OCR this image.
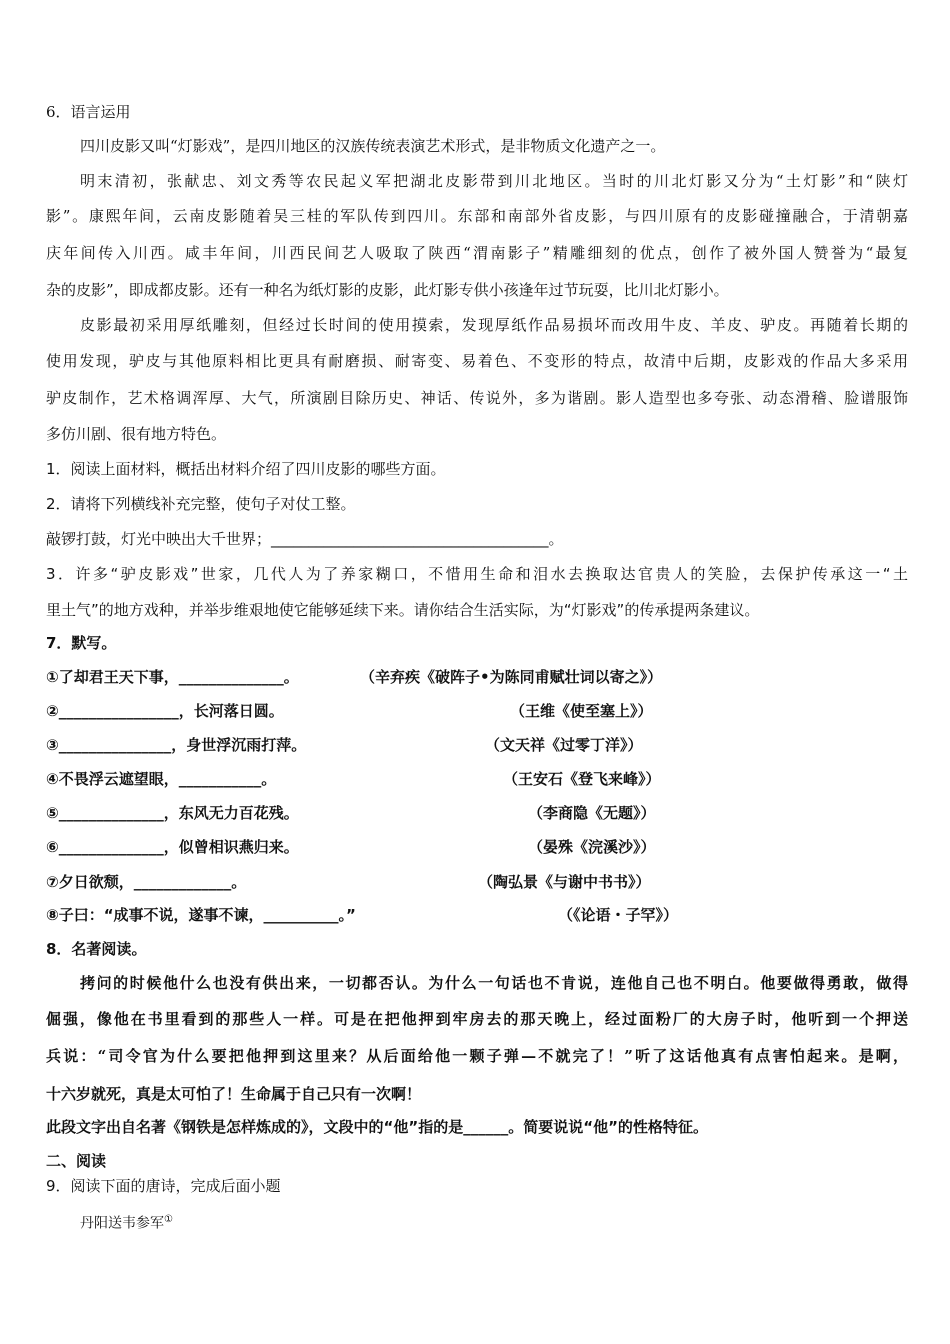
6．语言运用
四川皮影又叫“灯影戏”，是四川地区的汉族传统表演艺术形式，是非物质文化遗产之一。
明末清初，张献忠、刘文秀等农民起义军把湖北皮影带到川北地区。当时的川北灯影又分为“土灯影”和“陕灯
影”。康熙年间，云南皮影随着吴三桂的军队传到四川。东部和南部外省皮影，与四川原有的皮影碰撞融合，于清朝嘉
庆年间传入川西。咸丰年间，川西民间艺人吸取了陕西“渭南影子”精雕细刻的优点，创作了被外国人赞誉为“最复
杂的皮影”，即成都皮影。还有一种名为纸灯影的皮影，此灯影专供小孩逢年过节玩耍，比川北灯影小。
皮影最初采用厚纸雕刻，但经过长时间的使用摸索，发现厚纸作品易损坏而改用牛皮、羊皮、驴皮。再随着长期的
使用发现，驴皮与其他原料相比更具有耐磨损、耐寄变、易着色、不变形的特点，故清中后期，皮影戏的作品大多采用
驴皮制作，艺术格调浑厚、大气，所演剧目除历史、神话、传说外，多为谐剧。影人造型也多夸张、动态滑稽、脸谱服饰
多仿川剧、很有地方特色。
1．阅读上面材料，概括出材料介绍了四川皮影的哪些方面。
2．请将下列横线补充完整，使句子对仗工整。
敲锣打鼓，灯光中映出大千世界；_____________________________________。
3．许多“驴皮影戏”世家，几代人为了养家糊口，不惜用生命和泪水去换取达官贵人的笑脸，去保护传承这一“土
里土气”的地方戏种，并举步维艰地使它能够延续下来。请你结合生活实际，为“灯影戏”的传承提两条建议。
7．默写。
①了却君王天下事，______________。	（辛弃疾《破阵子•为陈同甫赋壮词以寄之》）
②________________，长河落日圆。	（王维《使至塞上》）
③_______________，身世浮沉雨打萍。	（文天祥《过零丁洋》）
④不畏浮云遮望眼，___________。	（王安石《登飞来峰》）
⑤______________，东风无力百花残。	（李商隐《无题》）
⑥______________，似曾相识燕归来。	（晏殊《浣溪沙》）
⑦夕日欲颓，_____________。	（陶弘景《与谢中书书》）
⑧子曰：“成事不说，遂事不谏，__________。”	（《论语・子罕》）
8．名著阅读。
拷问的时候他什么也没有供出来，一切都否认。为什么一句话也不肯说，连他自己也不明白。他要做得勇敢，做得
倔强，像他在书里看到的那些人一样。可是在把他押到牢房去的那天晚上，经过面粉厂的大房子时，他听到一个押送
兵说：“司令官为什么要把他押到这里来？从后面给他一颗子弹—不就完了！”听了这话他真有点害怕起来。是啊，
十六岁就死，真是太可怕了！生命属于自己只有一次啊！
此段文字出自名著《钢铁是怎样炼成的》，文段中的“他”指的是______。简要说说“他”的性格特征。
二、阅读
9．阅读下面的唐诗，完成后面小题
丹阳送韦参军①
